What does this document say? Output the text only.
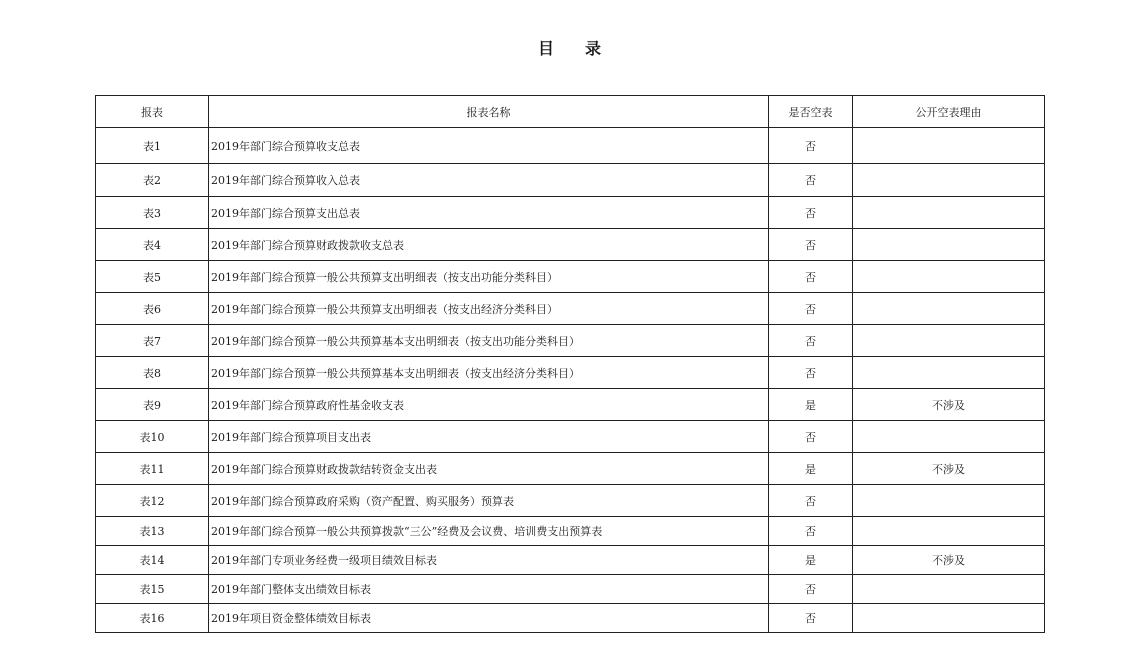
目 录
报表	报表名称	是否空表	公开空表理由
表1	2019年部门综合预算收支总表	否	
表2	2019年部门综合预算收入总表	否	
表3	2019年部门综合预算支出总表	否	
表4	2019年部门综合预算财政拨款收支总表	否	
表5	2019年部门综合预算一般公共预算支出明细表（按支出功能分类科目）	否	
表6	2019年部门综合预算一般公共预算支出明细表（按支出经济分类科目）	否	
表7	2019年部门综合预算一般公共预算基本支出明细表（按支出功能分类科目）	否	
表8	2019年部门综合预算一般公共预算基本支出明细表（按支出经济分类科目）	否	
表9	2019年部门综合预算政府性基金收支表	是	不涉及
表10	2019年部门综合预算项目支出表	否	
表11	2019年部门综合预算财政拨款结转资金支出表	是	不涉及
表12	2019年部门综合预算政府采购（资产配置、购买服务）预算表	否	
表13	2019年部门综合预算一般公共预算拨款“三公”经费及会议费、培训费支出预算表	否	
表14	2019年部门专项业务经费一级项目绩效目标表	是	不涉及
表15	2019年部门整体支出绩效目标表	否	
表16	2019年项目资金整体绩效目标表	否	
